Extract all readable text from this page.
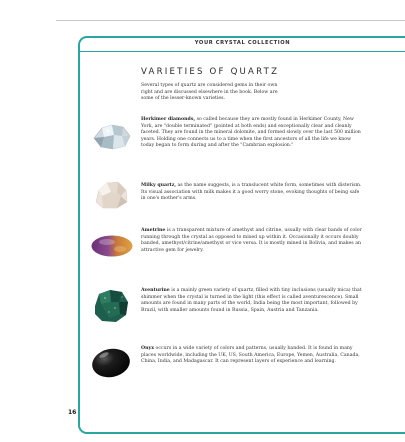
YOUR CRYSTAL COLLECTION
VARIETIES OF QUARTZ
Several types of quartz are considered gems in their own right and are discussed elsewhere in the book. Below are some of the lesser-known varieties.
Herkimer diamonds, so called because they are mostly found in Herkimer County, New York, are "double terminated" (pointed at both ends) and exceptionally clear and cleanly faceted. They are found in the mineral dolomite, and formed slowly over the last 500 million years. Holding one connects us to a time when the first ancestors of all the life we know today began to form during and after the "Cambrian explosion."
Milky quartz, as the name suggests, is a translucent white form, sometimes with disterism. Its visual association with milk makes it a good worry stone, evoking thoughts of being safe in one's mother's arms.
Ametrine is a transparent mixture of amethyst and citrine, usually with clear bands of color running through the crystal as opposed to mixed up within it. Occasionally it occurs doubly banded, amethyst/citrine/amethyst or vice versa. It is mostly mined in Bolivia, and makes an attractive gem for jewelry.
Aventurine is a mainly green variety of quartz, filled with tiny inclusions (usually mica) that shimmer when the crystal is turned in the light (this effect is called aventurescence). Small amounts are found in many parts of the world, India being the most important, followed by Brazil, with smaller amounts found in Russia, Spain, Austria and Tanzania.
Onyx occurs in a wide variety of colors and patterns, usually banded. It is found in many places worldwide, including the UK, US, South America, Europe, Yemen, Australia, Canada, China, India, and Madagascar. It can represent layers of experience and learning.
16
